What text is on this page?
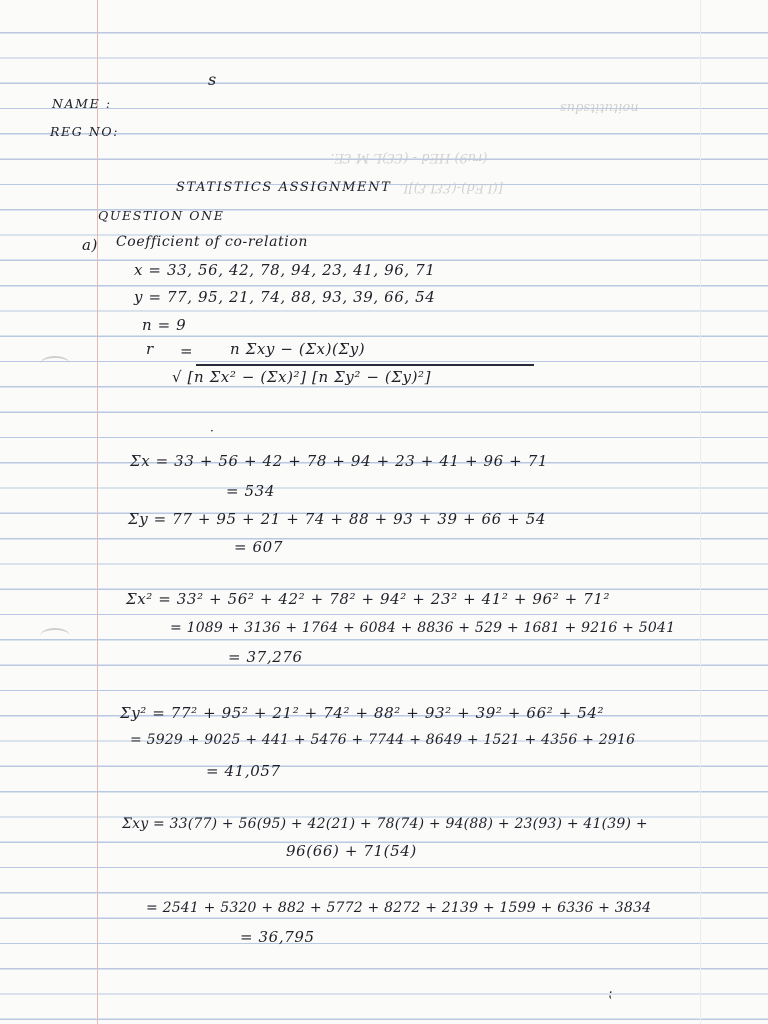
noitutitsdus
(ru9) HEd - (ƐƐ)L M ƐE:
[(LEd)-(ƐƐLƐ)]L
s
NAME :
REG NO:
STATISTICS ASSIGNMENT
QUESTION ONE
a) Coefficient of co-relation
x = 33, 56, 42, 78, 94, 23, 41, 96, 71
y = 77, 95, 21, 74, 88, 93, 39, 66, 54
n = 9
r = n Σxy − (Σx)(Σy)
√ [n Σx² − (Σx)²] [n Σy² − (Σy)²]
·
Σx = 33 + 56 + 42 + 78 + 94 + 23 + 41 + 96 + 71
= 534
Σy = 77 + 95 + 21 + 74 + 88 + 93 + 39 + 66 + 54
= 607
Σx² = 33² + 56² + 42² + 78² + 94² + 23² + 41² + 96² + 71²
= 1089 + 3136 + 1764 + 6084 + 8836 + 529 + 1681 + 9216 + 5041
= 37,276
Σy² = 77² + 95² + 21² + 74² + 88² + 93² + 39² + 66² + 54²
= 5929 + 9025 + 441 + 5476 + 7744 + 8649 + 1521 + 4356 + 2916
= 41,057
Σxy = 33(77) + 56(95) + 42(21) + 78(74) + 94(88) + 23(93) + 41(39) +
96(66) + 71(54)
= 2541 + 5320 + 882 + 5772 + 8272 + 2139 + 1599 + 6336 + 3834
= 36,795
⁏
